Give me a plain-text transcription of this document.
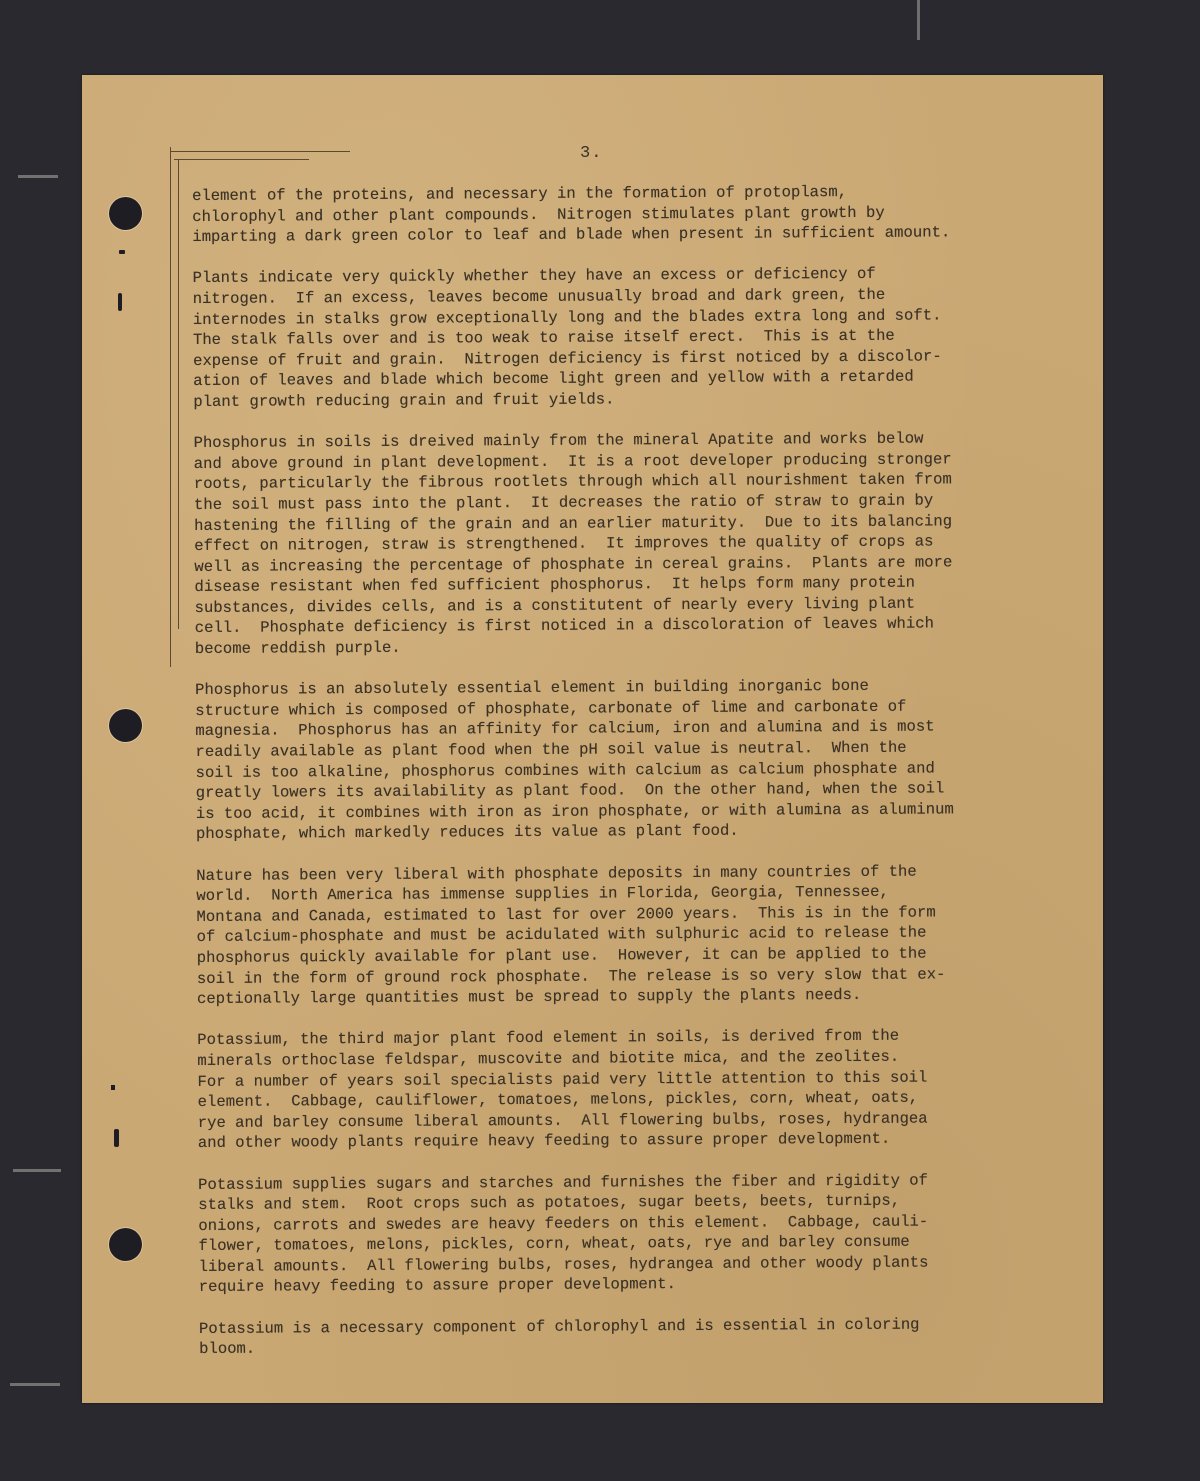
3.

element of the proteins, and necessary in the formation of protoplasm,
chlorophyl and other plant compounds.  Nitrogen stimulates plant growth by
imparting a dark green color to leaf and blade when present in sufficient amount.

Plants indicate very quickly whether they have an excess or deficiency of
nitrogen.  If an excess, leaves become unusually broad and dark green, the
internodes in stalks grow exceptionally long and the blades extra long and soft.
The stalk falls over and is too weak to raise itself erect.  This is at the
expense of fruit and grain.  Nitrogen deficiency is first noticed by a discolor-
ation of leaves and blade which become light green and yellow with a retarded
plant growth reducing grain and fruit yields.

Phosphorus in soils is dreived mainly from the mineral Apatite and works below
and above ground in plant development.  It is a root developer producing stronger
roots, particularly the fibrous rootlets through which all nourishment taken from
the soil must pass into the plant.  It decreases the ratio of straw to grain by
hastening the filling of the grain and an earlier maturity.  Due to its balancing
effect on nitrogen, straw is strengthened.  It improves the quality of crops as
well as increasing the percentage of phosphate in cereal grains.  Plants are more
disease resistant when fed sufficient phosphorus.  It helps form many protein
substances, divides cells, and is a constitutent of nearly every living plant
cell.  Phosphate deficiency is first noticed in a discoloration of leaves which
become reddish purple.

Phosphorus is an absolutely essential element in building inorganic bone
structure which is composed of phosphate, carbonate of lime and carbonate of
magnesia.  Phosphorus has an affinity for calcium, iron and alumina and is most
readily available as plant food when the pH soil value is neutral.  When the
soil is too alkaline, phosphorus combines with calcium as calcium phosphate and
greatly lowers its availability as plant food.  On the other hand, when the soil
is too acid, it combines with iron as iron phosphate, or with alumina as aluminum
phosphate, which markedly reduces its value as plant food.

Nature has been very liberal with phosphate deposits in many countries of the
world.  North America has immense supplies in Florida, Georgia, Tennessee,
Montana and Canada, estimated to last for over 2000 years.  This is in the form
of calcium-phosphate and must be acidulated with sulphuric acid to release the
phosphorus quickly available for plant use.  However, it can be applied to the
soil in the form of ground rock phosphate.  The release is so very slow that ex-
ceptionally large quantities must be spread to supply the plants needs.

Potassium, the third major plant food element in soils, is derived from the
minerals orthoclase feldspar, muscovite and biotite mica, and the zeolites.
For a number of years soil specialists paid very little attention to this soil
element.  Cabbage, cauliflower, tomatoes, melons, pickles, corn, wheat, oats,
rye and barley consume liberal amounts.  All flowering bulbs, roses, hydrangea
and other woody plants require heavy feeding to assure proper development.

Potassium supplies sugars and starches and furnishes the fiber and rigidity of
stalks and stem.  Root crops such as potatoes, sugar beets, beets, turnips,
onions, carrots and swedes are heavy feeders on this element.  Cabbage, cauli-
flower, tomatoes, melons, pickles, corn, wheat, oats, rye and barley consume
liberal amounts.  All flowering bulbs, roses, hydrangea and other woody plants
require heavy feeding to assure proper development.

Potassium is a necessary component of chlorophyl and is essential in coloring
bloom.
